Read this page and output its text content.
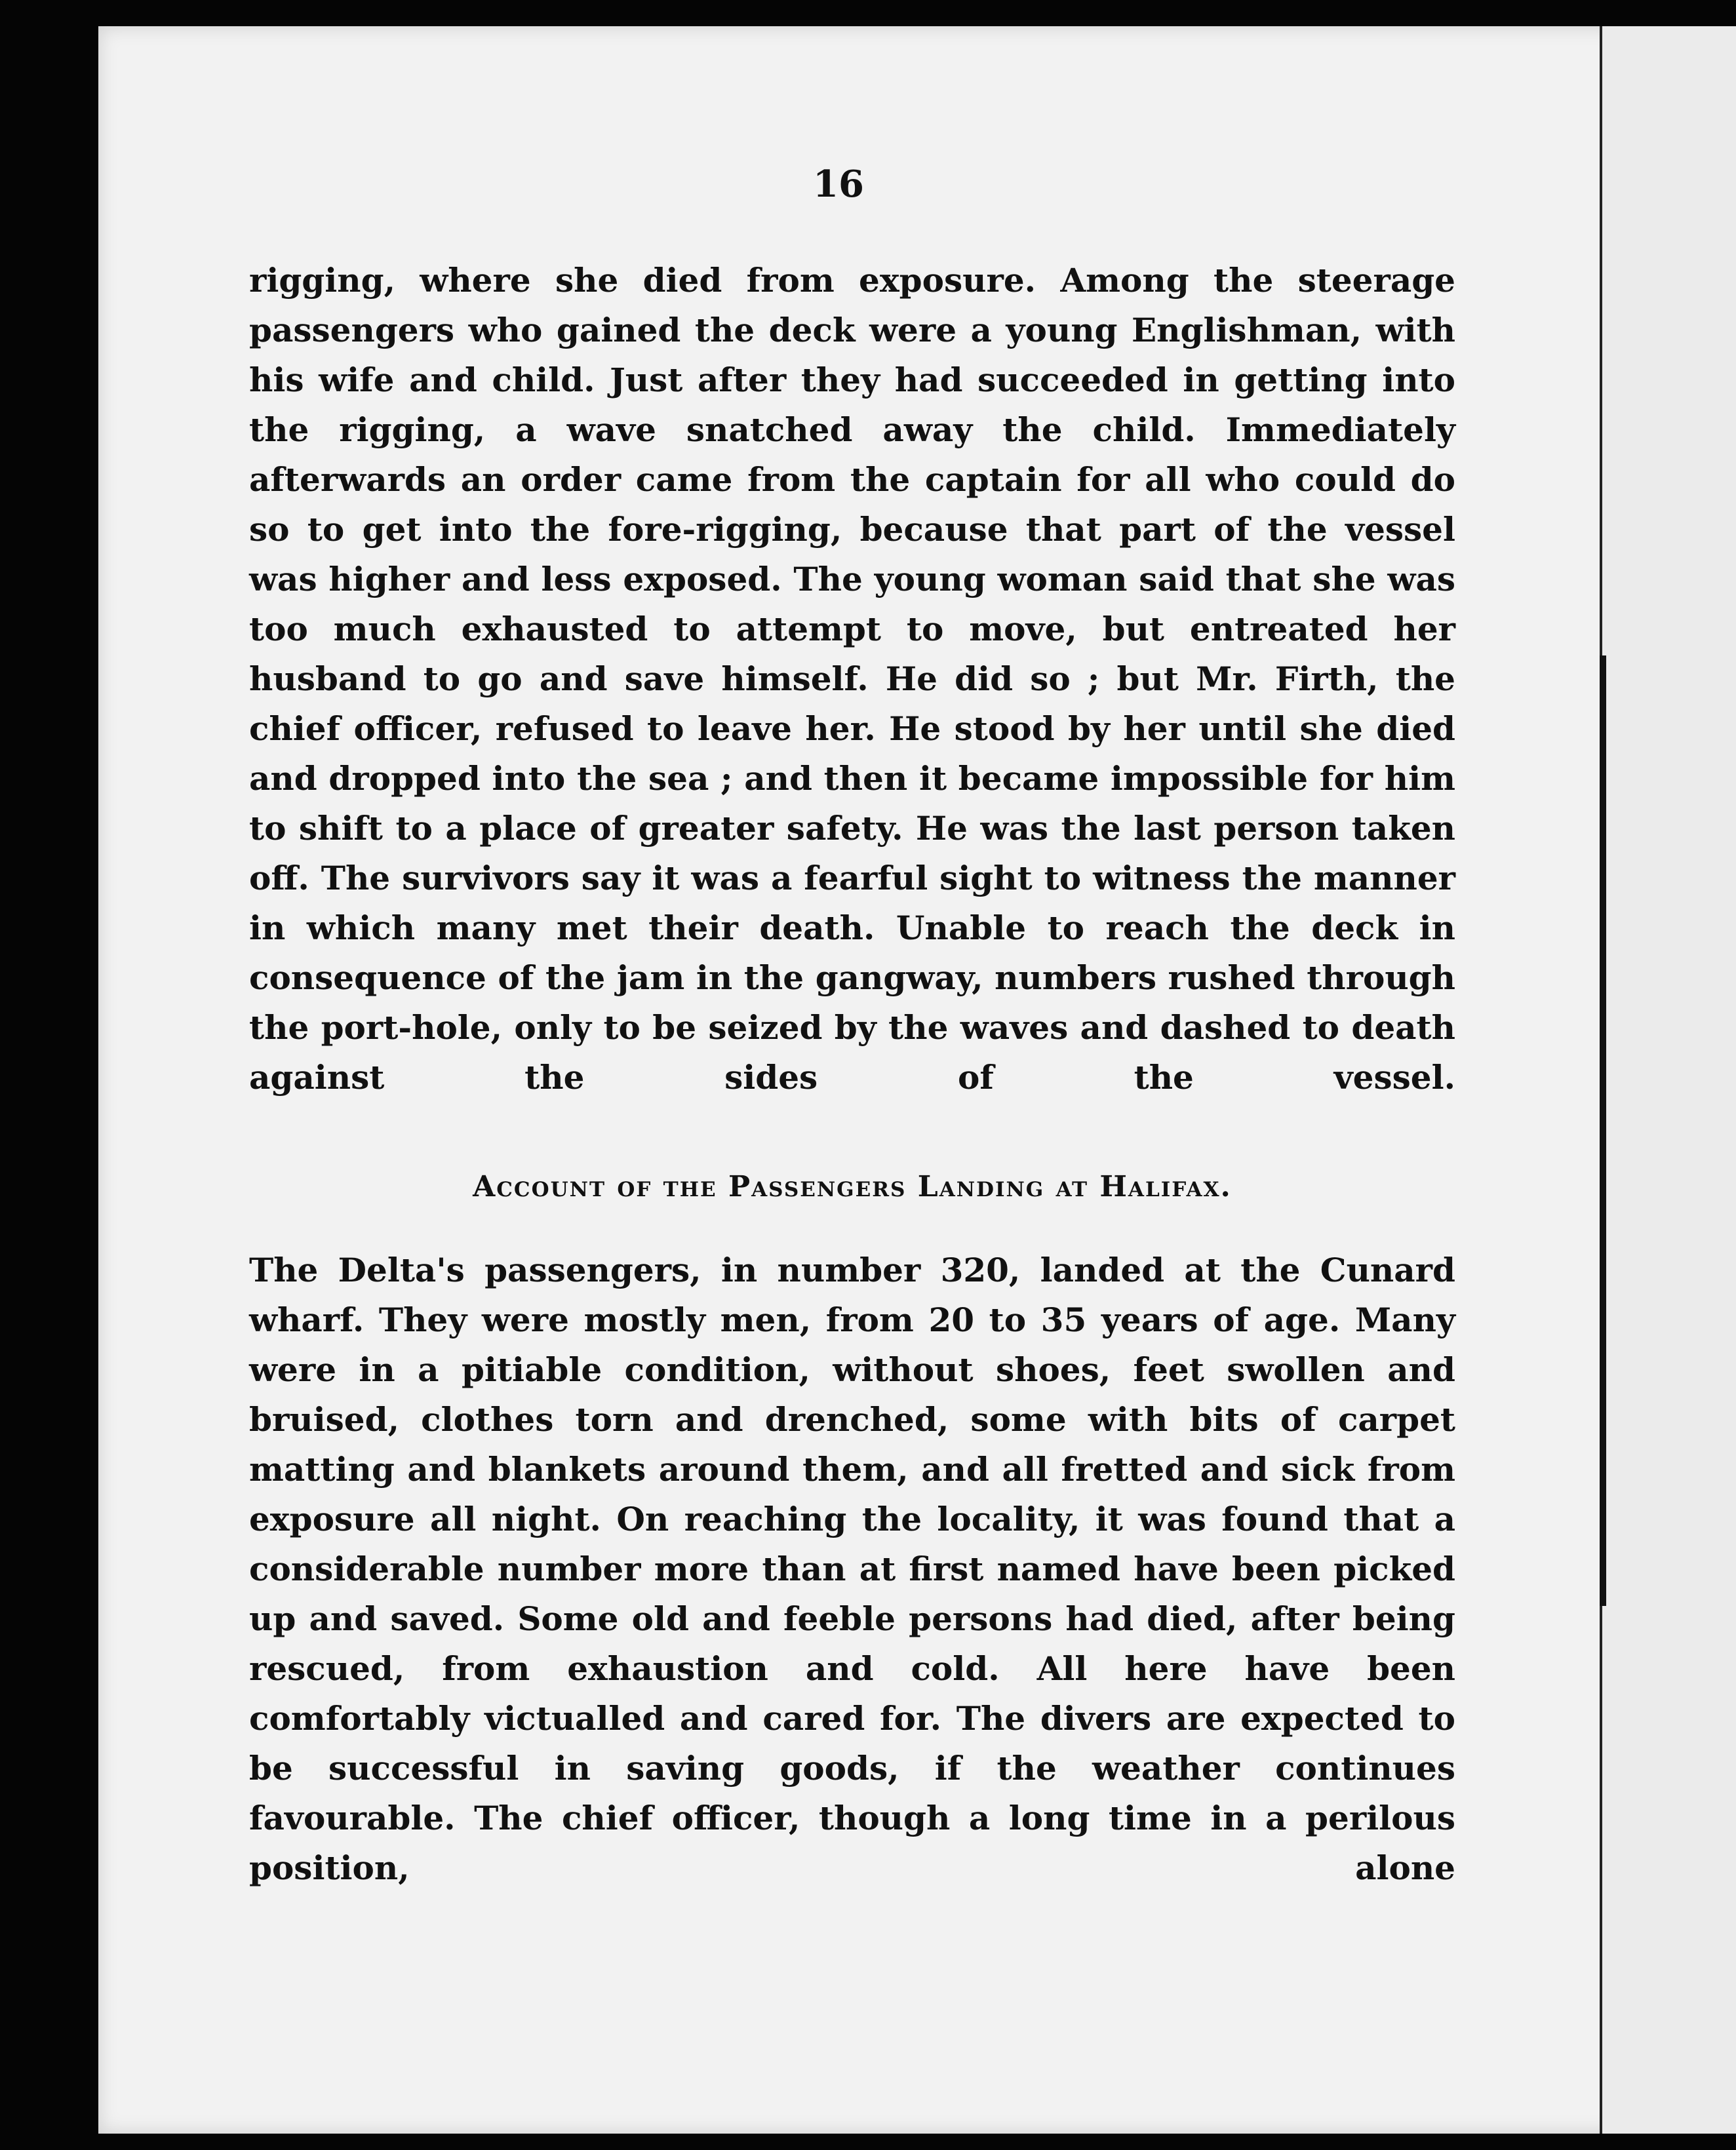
16

rigging, where she died from exposure. Among the steerage passengers who gained the deck were a young Englishman, with his wife and child. Just after they had succeeded in getting into the rigging, a wave snatched away the child. Immediately afterwards an order came from the captain for all who could do so to get into the fore-rigging, because that part of the vessel was higher and less exposed. The young woman said that she was too much exhausted to attempt to move, but entreated her husband to go and save himself. He did so ; but Mr. Firth, the chief officer, refused to leave her. He stood by her until she died and dropped into the sea ; and then it became impossible for him to shift to a place of greater safety. He was the last person taken off. The survivors say it was a fearful sight to witness the manner in which many met their death. Unable to reach the deck in consequence of the jam in the gangway, numbers rushed through the port-hole, only to be seized by the waves and dashed to death against the sides of the vessel.

Account of the Passengers Landing at Halifax.

The Delta's passengers, in number 320, landed at the Cunard wharf. They were mostly men, from 20 to 35 years of age. Many were in a pitiable condition, without shoes, feet swollen and bruised, clothes torn and drenched, some with bits of carpet matting and blankets around them, and all fretted and sick from exposure all night. On reaching the locality, it was found that a considerable number more than at first named have been picked up and saved. Some old and feeble persons had died, after being rescued, from exhaustion and cold. All here have been comfortably victualled and cared for. The divers are expected to be successful in saving goods, if the weather continues favourable. The chief officer, though a long time in a perilous position, alone
